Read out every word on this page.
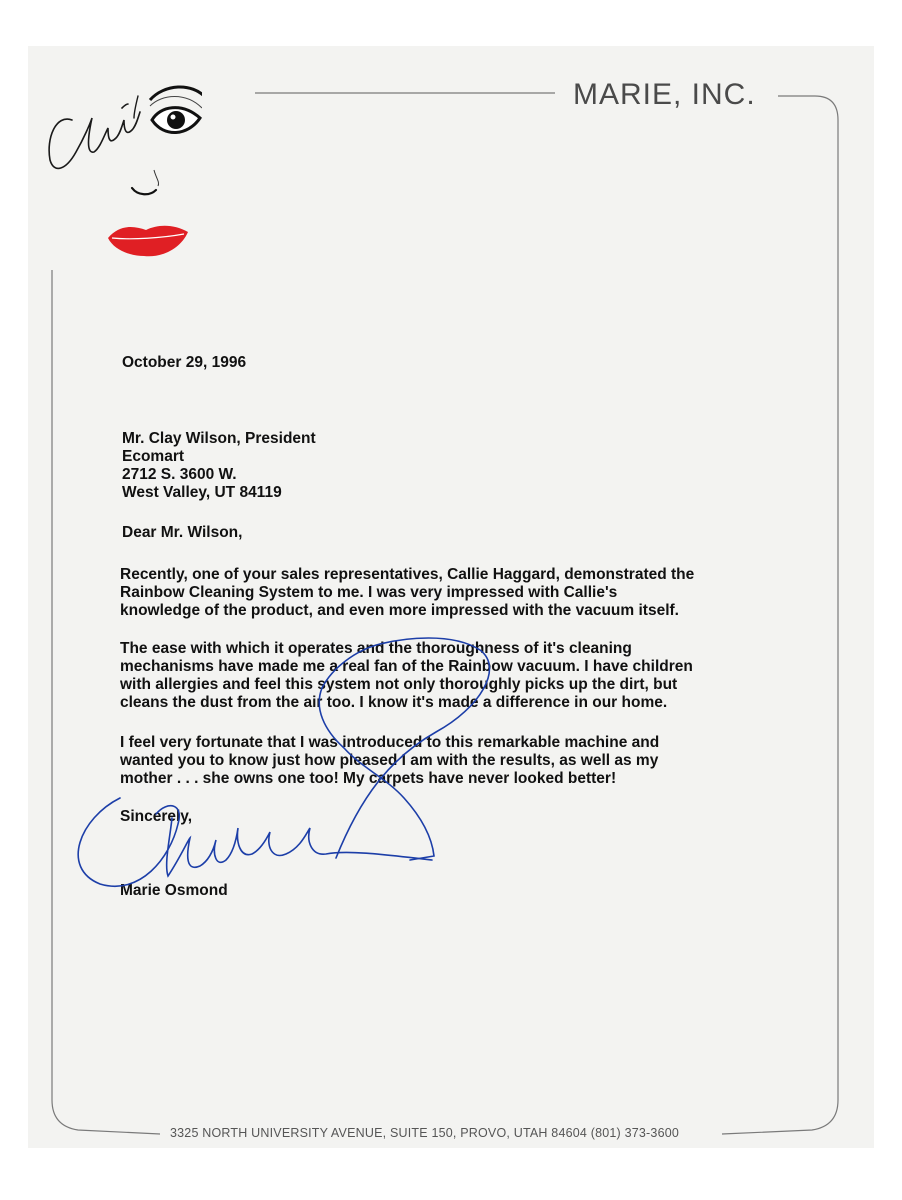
MARIE, INC.
October 29, 1996
Mr. Clay Wilson, President
Ecomart
2712 S. 3600 W.
West Valley, UT 84119
Dear Mr. Wilson,
Recently, one of your sales representatives, Callie Haggard, demonstrated the
Rainbow Cleaning System to me. I was very impressed with Callie's
knowledge of the product, and even more impressed with the vacuum itself.
The ease with which it operates and the thoroughness of it's cleaning
mechanisms have made me a real fan of the Rainbow vacuum. I have children
with allergies and feel this system not only thoroughly picks up the dirt, but
cleans the dust from the air too. I know it's made a difference in our home.
I feel very fortunate that I was introduced to this remarkable machine and
wanted you to know just how pleased I am with the results, as well as my
mother . . . she owns one too! My carpets have never looked better!
Sincerely,
Marie Osmond
3325 NORTH UNIVERSITY AVENUE, SUITE 150, PROVO, UTAH 84604 (801) 373-3600
